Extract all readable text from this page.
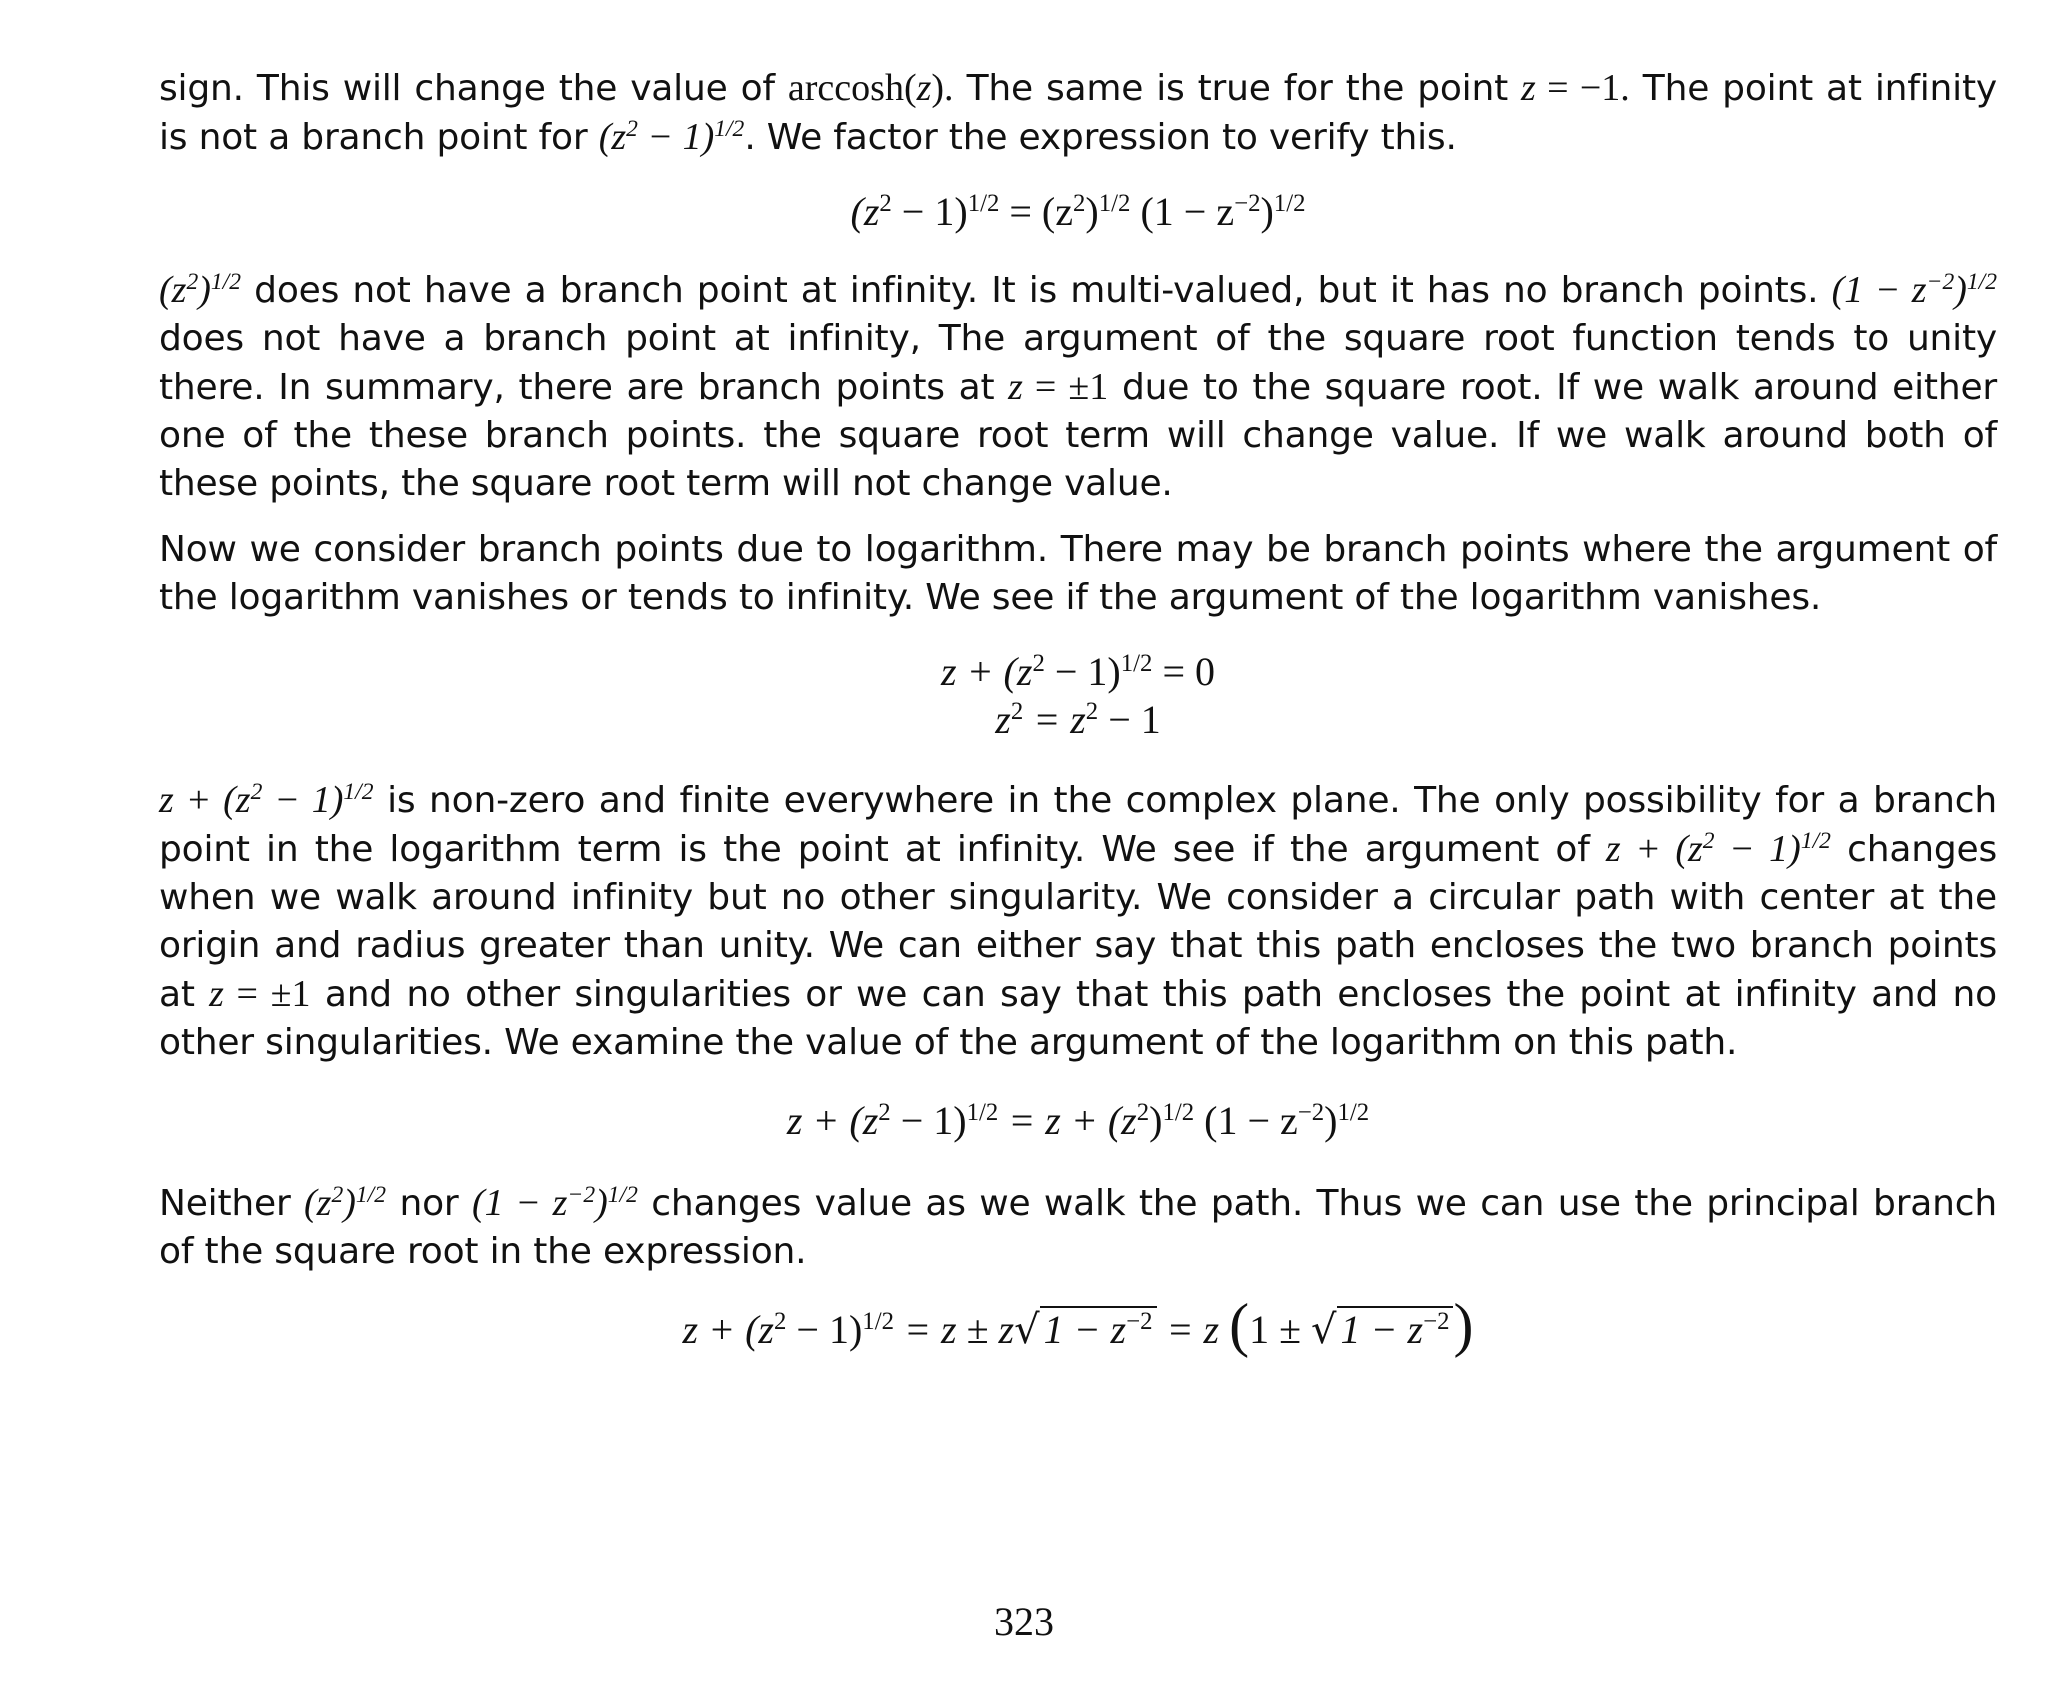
sign. This will change the value of arccosh(z). The same is true for the point z = −1. The point at infinity is not a branch point for $(z^2 - 1)^{1/2}$. We factor the expression to verify this.

$(z^2 - 1)^{1/2} = (z^2)^{1/2}$ $(1 - z^{-2})^{1/2}$

$(z^2)^{1/2}$ does not have a branch point at infinity. It is multi-valued, but it has no branch points. $(1 - z^{-2})^{1/2}$ does not have a branch point at infinity, The argument of the square root function tends to unity there. In summary, there are branch points at z = ±1 due to the square root. If we walk around either one of the these branch points. the square root term will change value. If we walk around both of these points, the square root term will not change value.

Now we consider branch points due to logarithm. There may be branch points where the argument of the logarithm vanishes or tends to infinity. We see if the argument of the logarithm vanishes.

$z + (z^2 - 1)^{1/2} = 0$

$z^2 = z^2 - 1$

$z + (z^2 - 1)^{1/2}$ is non-zero and finite everywhere in the complex plane. The only possibility for a branch point in the logarithm term is the point at infinity. We see if the argument of $z + (z^2 - 1)^{1/2}$ changes when we walk around infinity but no other singularity. We consider a circular path with center at the origin and radius greater than unity. We can either say that this path encloses the two branch points at z = ±1 and no other singularities or we can say that this path encloses the point at infinity and no other singularities. We examine the value of the argument of the logarithm on this path.

$z + (z^2 - 1)^{1/2} = z + (z^2)^{1/2}$ $(1 - z^{-2})^{1/2}$

Neither $(z^2)^{1/2}$ nor $(1 - z^{-2})^{1/2}$ changes value as we walk the path. Thus we can use the principal branch of the square root in the expression.

$z + (z^2 - 1)^{1/2} = z \pm z√$ $1 - z^{-2} = z$ (1 ± √ $1 - z^{-2}$)

323
